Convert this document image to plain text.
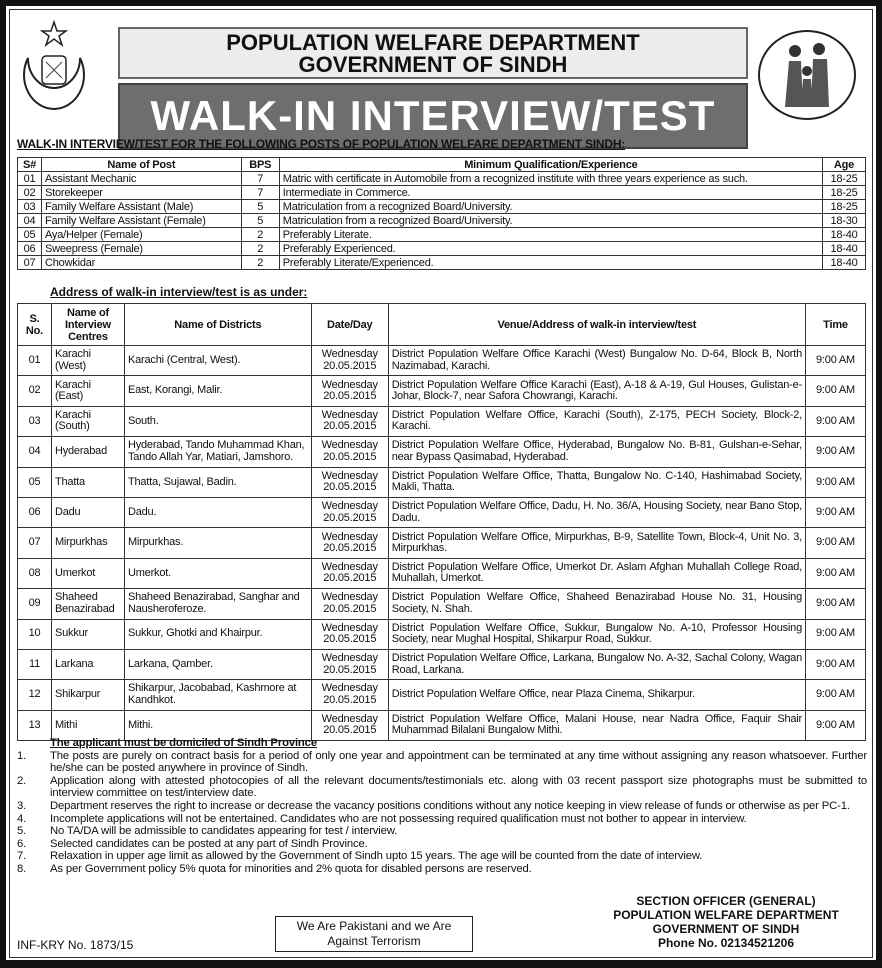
POPULATION WELFARE DEPARTMENT
GOVERNMENT OF SINDH
WALK-IN INTERVIEW/TEST
WALK-IN INTERVIEW/TEST FOR THE FOLLOWING POSTS OF POPULATION WELFARE DEPARTMENT SINDH:
S#	Name of Post	BPS	Minimum Qualification/Experience	Age
01	Assistant Mechanic	7	Matric with certificate in Automobile from a recognized institute with three years experience as such.	18-25
02	Storekeeper	7	Intermediate in Commerce.	18-25
03	Family Welfare Assistant (Male)	5	Matriculation from a recognized Board/University.	18-25
04	Family Welfare Assistant (Female)	5	Matriculation from a recognized Board/University.	18-30
05	Aya/Helper (Female)	2	Preferably Literate.	18-40
06	Sweepress (Female)	2	Preferably Experienced.	18-40
07	Chowkidar	2	Preferably Literate/Experienced.	18-40
Address of walk-in interview/test is as under:
S. No.	Name of Interview Centres	Name of Districts	Date/Day	Venue/Address of walk-in interview/test	Time
01	Karachi (West)	Karachi (Central, West).	Wednesday 20.05.2015	District Population Welfare Office Karachi (West) Bungalow No. D-64, Block B, North Nazimabad, Karachi.	9:00 AM
02	Karachi (East)	East, Korangi, Malir.	Wednesday 20.05.2015	District Population Welfare Office Karachi (East), A-18 & A-19, Gul Houses, Gulistan-e-Johar, Block-7, near Safora Chowrangi, Karachi.	9:00 AM
03	Karachi (South)	South.	Wednesday 20.05.2015	District Population Welfare Office, Karachi (South), Z-175, PECH Society, Block-2, Karachi.	9:00 AM
04	Hyderabad	Hyderabad, Tando Muhammad Khan, Tando Allah Yar, Matiari, Jamshoro.	Wednesday 20.05.2015	District Population Welfare Office, Hyderabad, Bungalow No. B-81, Gulshan-e-Sehar, near Bypass Qasimabad, Hyderabad.	9:00 AM
05	Thatta	Thatta, Sujawal, Badin.	Wednesday 20.05.2015	District Population Welfare Office, Thatta, Bungalow No. C-140, Hashimabad Society, Makli, Thatta.	9:00 AM
06	Dadu	Dadu.	Wednesday 20.05.2015	District Population Welfare Office, Dadu, H. No. 36/A, Housing Society, near Bano Stop, Dadu.	9:00 AM
07	Mirpurkhas	Mirpurkhas.	Wednesday 20.05.2015	District Population Welfare Office, Mirpurkhas, B-9, Satellite Town, Block-4, Unit No. 3, Mirpurkhas.	9:00 AM
08	Umerkot	Umerkot.	Wednesday 20.05.2015	District Population Welfare Office, Umerkot Dr. Aslam Afghan Muhallah College Road, Muhallah, Umerkot.	9:00 AM
09	Shaheed Benazirabad	Shaheed Benazirabad, Sanghar and Nausheroferoze.	Wednesday 20.05.2015	District Population Welfare Office, Shaheed Benazirabad House No. 31, Housing Society, N. Shah.	9:00 AM
10	Sukkur	Sukkur, Ghotki and Khairpur.	Wednesday 20.05.2015	District Population Welfare Office, Sukkur, Bungalow No. A-10, Professor Housing Society, near Mughal Hospital, Shikarpur Road, Sukkur.	9:00 AM
11	Larkana	Larkana, Qamber.	Wednesday 20.05.2015	District Population Welfare Office, Larkana, Bungalow No. A-32, Sachal Colony, Wagan Road, Larkana.	9:00 AM
12	Shikarpur	Shikarpur, Jacobabad, Kashmore at Kandhkot.	Wednesday 20.05.2015	District Population Welfare Office, near Plaza Cinema, Shikarpur.	9:00 AM
13	Mithi	Mithi.	Wednesday 20.05.2015	District Population Welfare Office, Malani House, near Nadra Office, Faquir Shair Muhammad Bilalani Bungalow Mithi.	9:00 AM
The applicant must be domiciled of Sindh Province
1.	The posts are purely on contract basis for a period of only one year and appointment can be terminated at any time without assigning any reason whatsoever. Further he/she can be posted anywhere in province of Sindh.
2.	Application along with attested photocopies of all the relevant documents/testimonials etc. along with 03 recent passport size photographs must be submitted to interview committee on test/interview date.
3.	Department reserves the right to increase or decrease the vacancy positions conditions without any notice keeping in view release of funds or otherwise as per PC-1.
4.	Incomplete applications will not be entertained. Candidates who are not possessing required qualification must not bother to appear in interview.
5.	No TA/DA will be admissible to candidates appearing for test / interview.
6.	Selected candidates can be posted at any part of Sindh Province.
7.	Relaxation in upper age limit as allowed by the Government of Sindh upto 15 years. The age will be counted from the date of interview.
8.	As per Government policy 5% quota for minorities and 2% quota for disabled persons are reserved.
SECTION OFFICER (GENERAL)
POPULATION WELFARE DEPARTMENT
GOVERNMENT OF SINDH
Phone No. 02134521206
We Are Pakistani and we Are
Against Terrorism
INF-KRY No. 1873/15
